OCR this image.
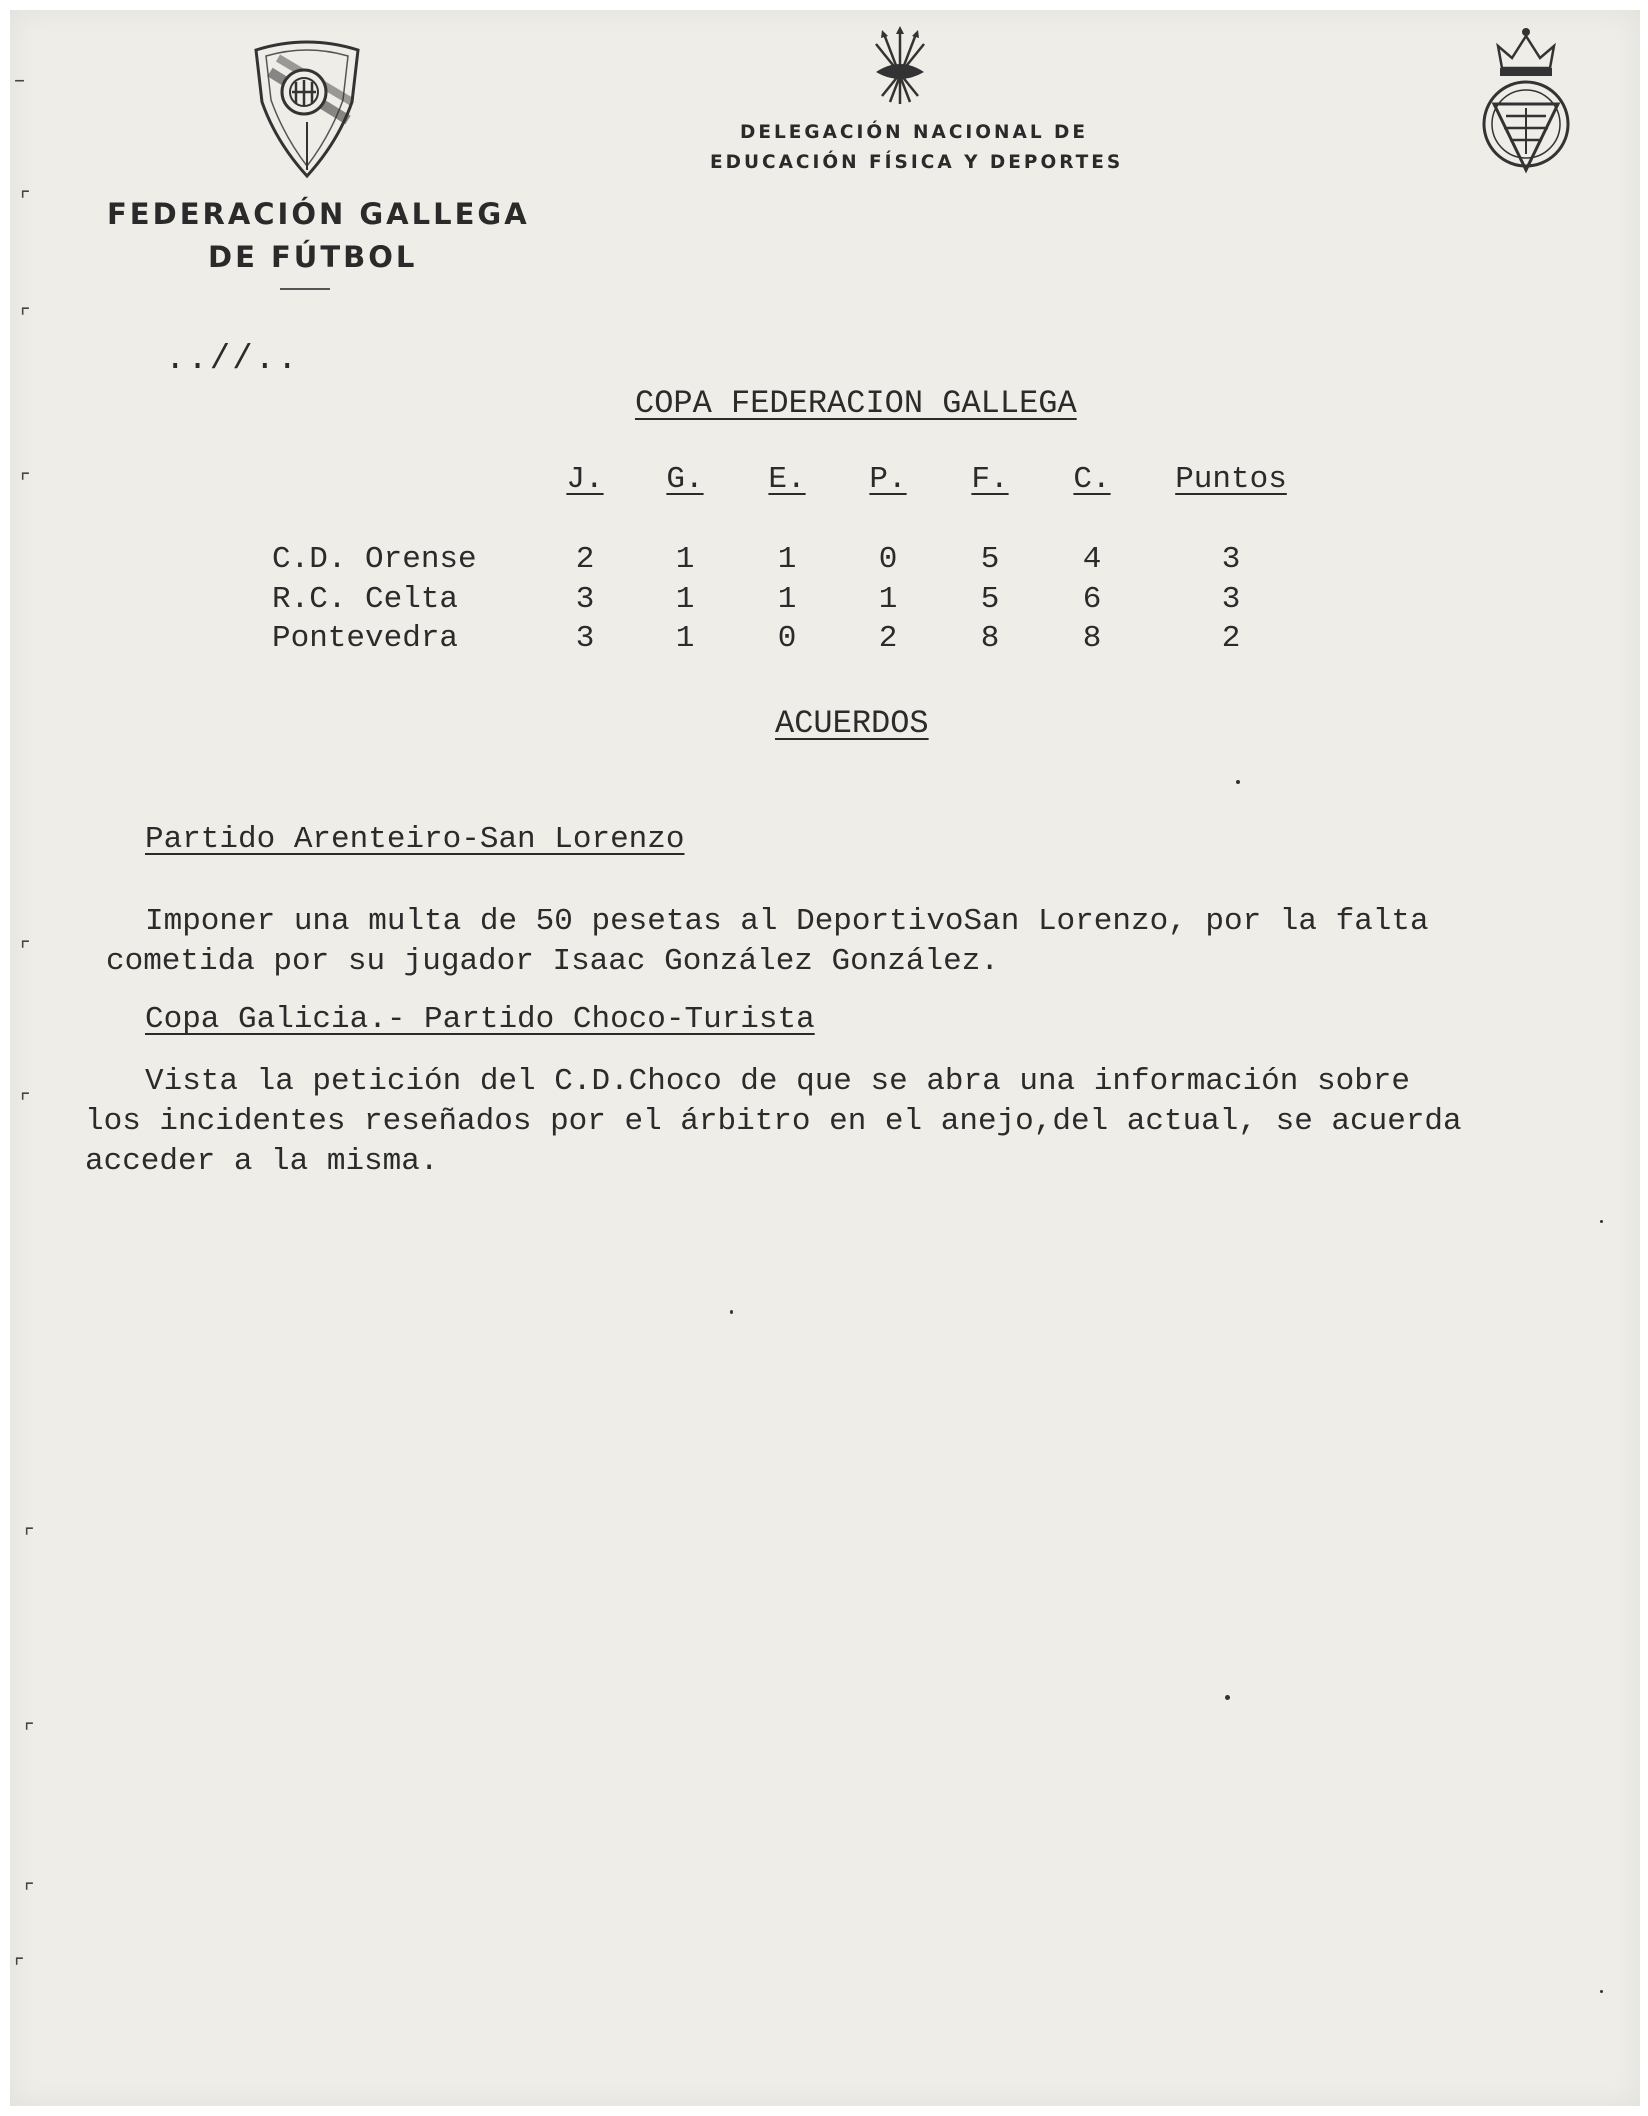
FEDERACIÓN GALLEGA
DE FÚTBOL
DELEGACIÓN NACIONAL DE
EDUCACIÓN FÍSICA Y DEPORTES
..//..
COPA FEDERACION GALLEGA
J.	G.	E.	P.	F.	C.	Puntos
C.D. Orense	2	1	1	0	5	4	3
R.C. Celta	3	1	1	1	5	6	3
Pontevedra	3	1	0	2	8	8	2
ACUERDOS
Partido Arenteiro-San Lorenzo
Imponer una multa de 50 pesetas al DeportivoSan Lorenzo, por la falta
cometida por su jugador Isaac González González.
Copa Galicia.- Partido Choco-Turista
Vista la petición del C.D.Choco de que se abra una información sobre
los incidentes reseñados por el árbitro en el anejo,del actual, se acuerda
acceder a la misma.
–
⌜
⌜
⌜
⌜
⌜
⌜
⌜
⌜
⌜
